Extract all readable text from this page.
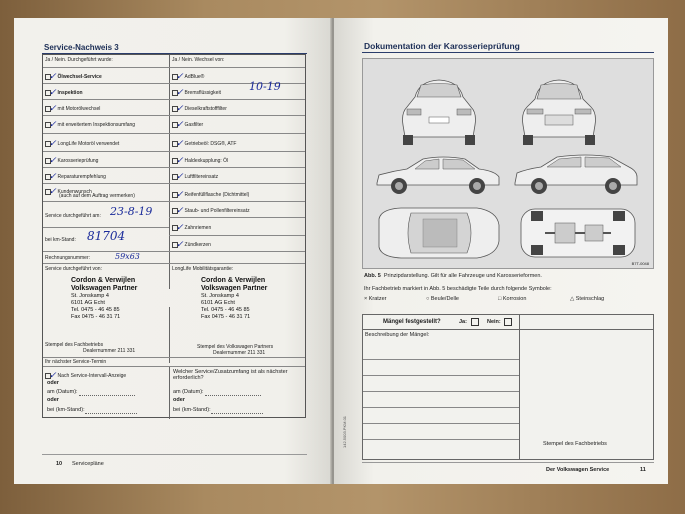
Service-Nachweis 3
Ja / Nein. Durchgeführt wurde:	Ja / Nein. Wechsel von:
✓ Ölwechsel-Service
✓ Inspektion
✓ mit Motorölwechsel
✓ mit erweitertem Inspektionsumfang
✓ LongLife Motoröl verwendet
✓ Karosserieprüfung
✓ Reparaturempfehlung
✓ Kundenwunsch
(auch auf dem Auftrag vermerken)
Service durchgeführt am: 23-8-19
bei km-Stand: 81704
Rechnungsnummer:	59x63
Service durchgeführt von:
✓ AdBlue®
✓ Bremsflüssigkeit	10-19
✓ Dieselkraftstofffilter
✓ Gasfilter
✓ Getriebeöl: DSG®, ATF
✓ Haldexkupplung: Öl
✓ Luftfiltereinsatz
✓ Reifenfüllflasche (Dichtmittel)
✓ Staub- und Pollenfiltereinsatz
✓ Zahnriemen
✓ Zündkerzen
LongLife Mobilitätsgarantie:
Cordon & Verwijlen
Volkswagen Partner
St. Jonskamp 4
6101 AG Echt
Tel. 0475 - 46 45 85
Fax 0475 - 46 31 71
Stempel des Fachbetriebs
Dealernummer 211 331
Cordon & Verwijlen
Volkswagen Partner
St. Jonskamp 4
6101 AG Echt
Tel. 0475 - 46 45 85
Fax 0475 - 46 31 71
Stempel des Volkswagen Partners
Dealernummer 211 331
Ihr nächster Service-Termin
✓ Nach Service-Intervall-Anzeige
oder
am (Datum):
oder
bei (km-Stand):
Welcher Service/Zusatzumfang ist als nächster erforderlich?
am (Datum):
oder
bei (km-Stand):
10 Servicepläne
Dokumentation der Karosserieprüfung
B7T-0048
Abb. 5 Prinzipdarstellung. Gilt für alle Fahrzeuge und Karosserieformen.
Ihr Fachbetrieb markiert in Abb. 5 beschädigte Teile durch folgende Symbole:
× Kratzer	○ Beule/Delle	□ Korrosion	△ Steinschlag
Mängel festgestellt?	Ja:	Nein:
Beschreibung der Mängel:
Stempel des Fachbetriebs
142.5003.PKM.01
Der Volkswagen Service	11
